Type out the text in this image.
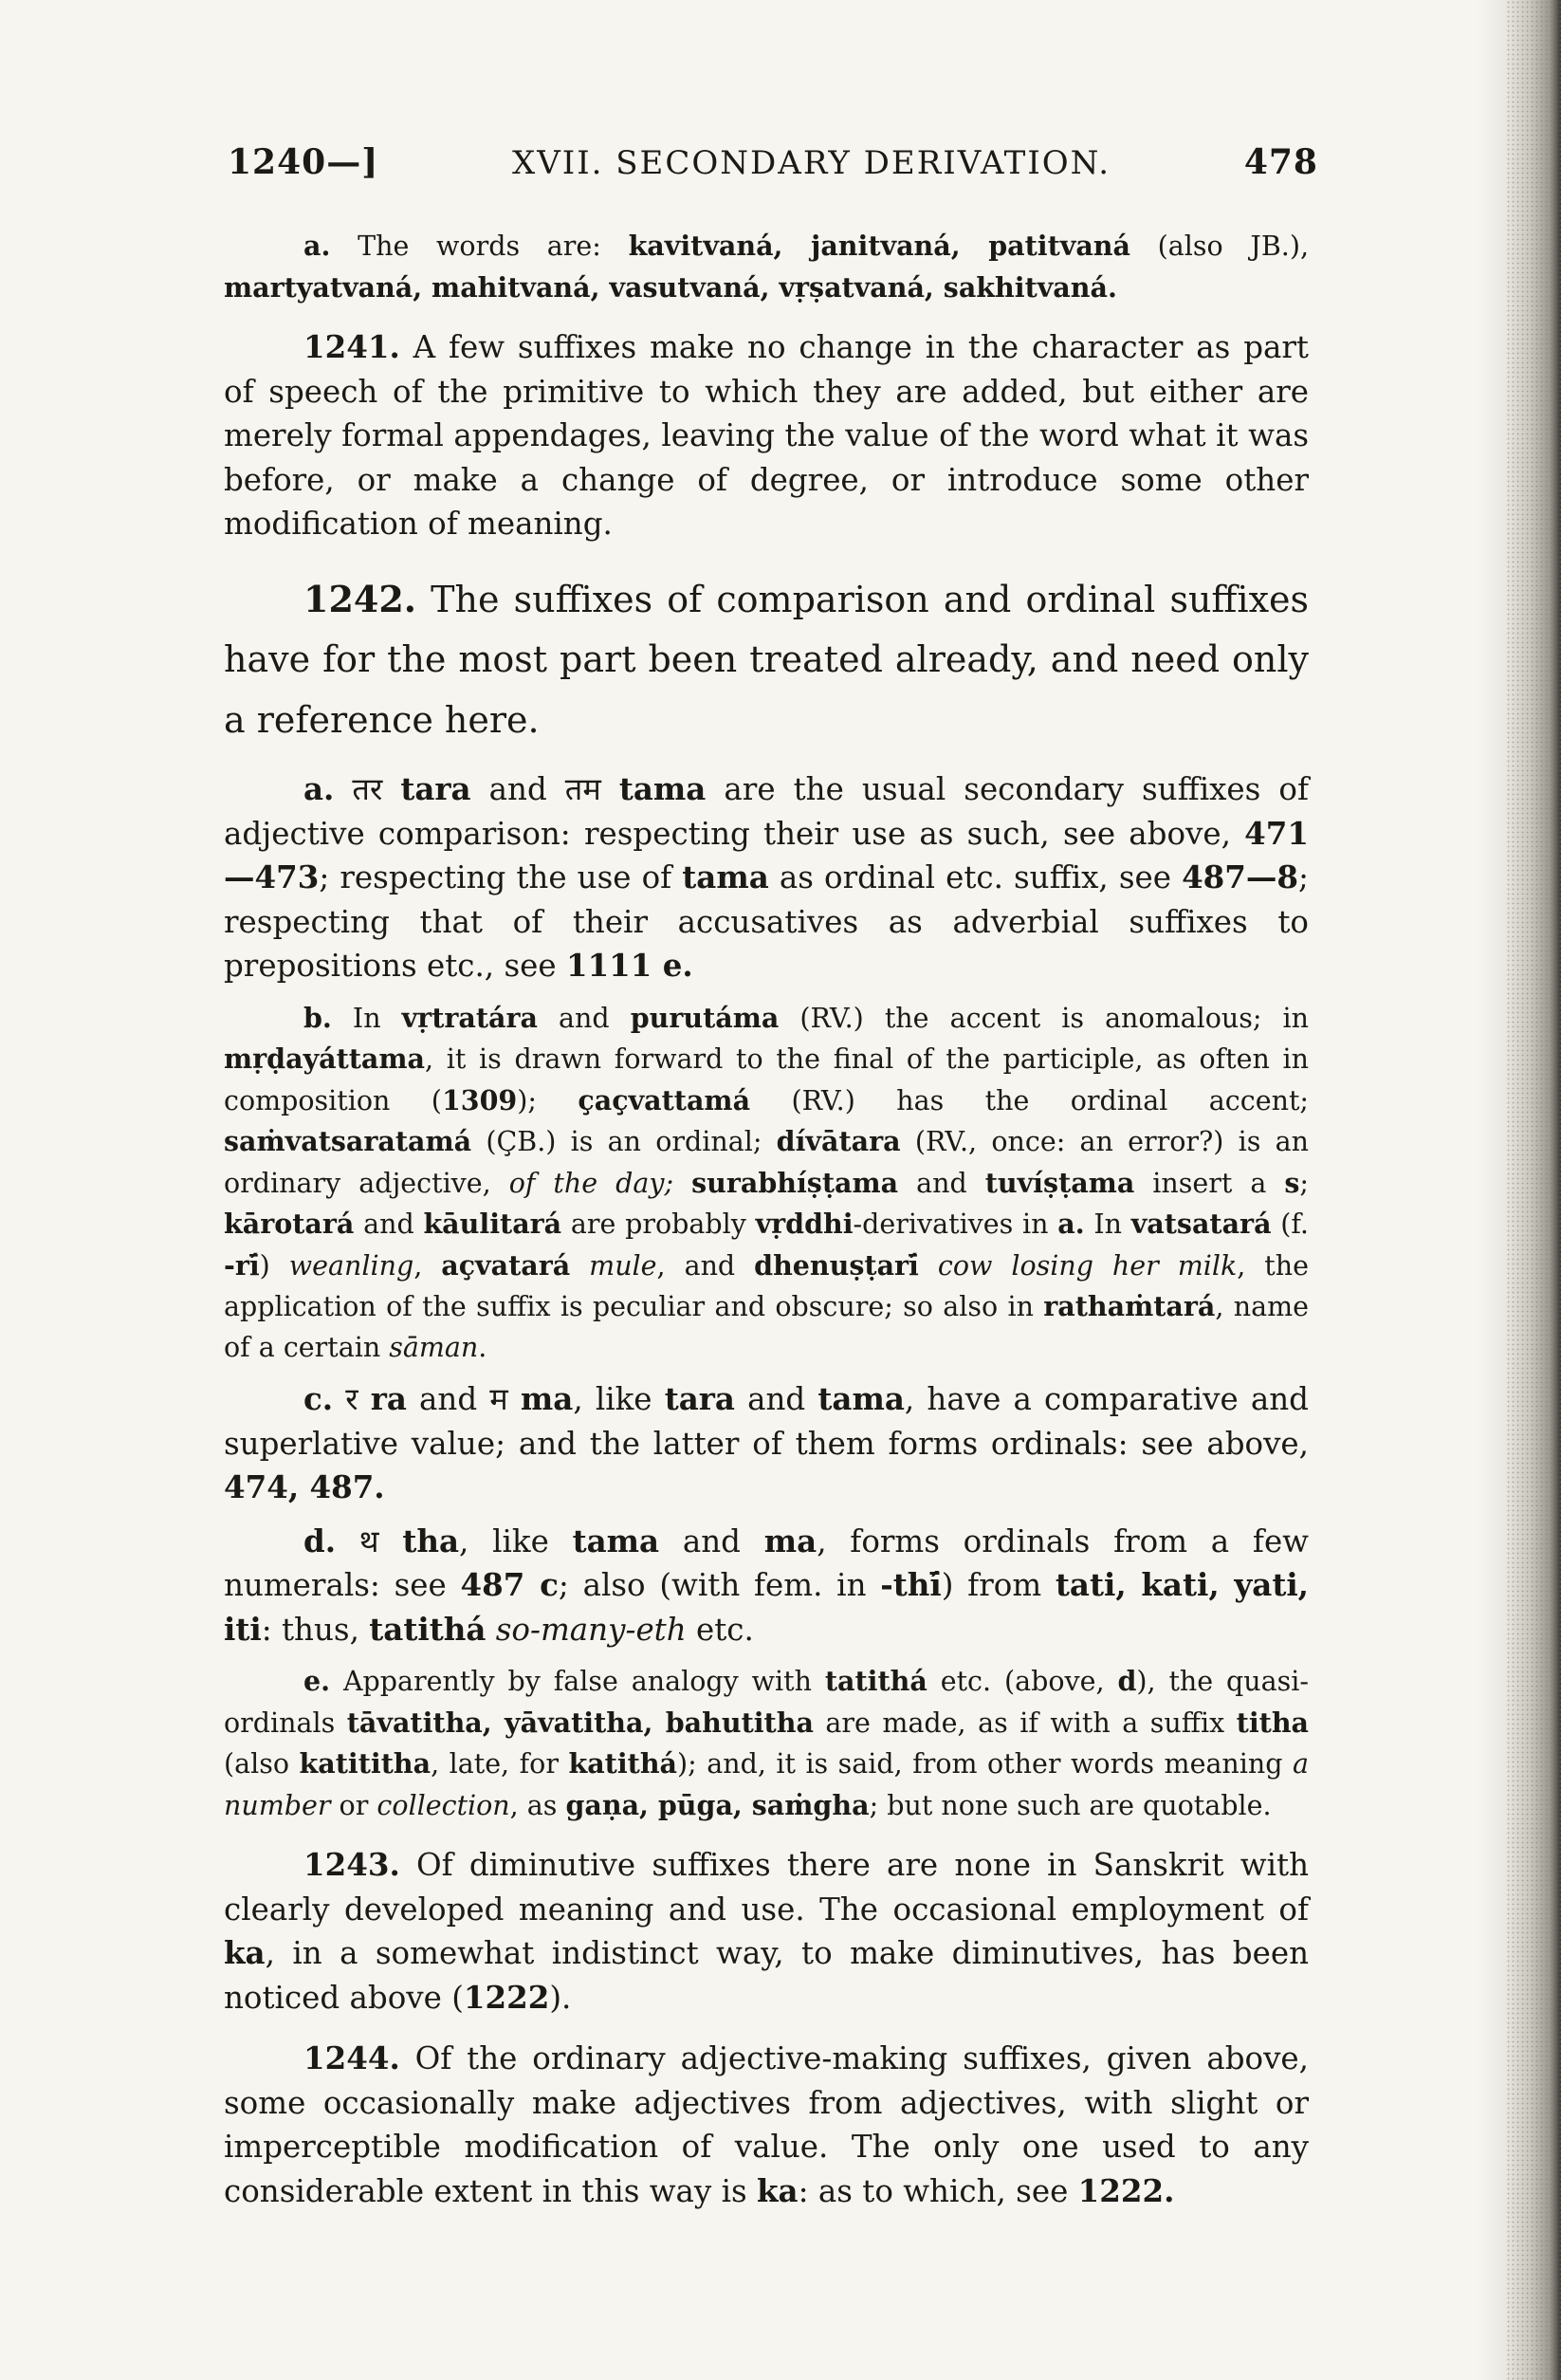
1240—]	XVII. SECONDARY DERIVATION.	478

a. The words are: kavitvaná, janitvaná, patitvaná (also JB.), martyatvaná, mahitvaná, vasutvaná, vṛṣatvaná, sakhitvaná.

1241. A few suffixes make no change in the character as part of speech of the primitive to which they are added, but either are merely formal appendages, leaving the value of the word what it was before, or make a change of degree, or introduce some other modification of meaning.

1242. The suffixes of comparison and ordinal suffixes have for the most part been treated already, and need only a reference here.

a. तर tara and तम tama are the usual secondary suffixes of adjective comparison: respecting their use as such, see above, 471 —473; respecting the use of tama as ordinal etc. suffix, see 487—8; respecting that of their accusatives as adverbial suffixes to prepositions etc., see 1111 e.

b. In vṛtratára and purutáma (RV.) the accent is anomalous; in mṛḍayáttama, it is drawn forward to the final of the participle, as often in composition (1309); çaçvattamá (RV.) has the ordinal accent; saṁvatsaratamá (ÇB.) is an ordinal; dívātara (RV., once: an error?) is an ordinary adjective, of the day; surabhíṣṭama and tuvíṣṭama insert a s; kārotará and kāulitará are probably vṛddhi-derivatives in a. In vatsatará (f. -rī́) weanling, açvatará mule, and dhenuṣṭarī́ cow losing her milk, the application of the suffix is peculiar and obscure; so also in rathaṁtará, name of a certain sāman.

c. र ra and म ma, like tara and tama, have a comparative and superlative value; and the latter of them forms ordinals: see above, 474, 487.

d. थ tha, like tama and ma, forms ordinals from a few numerals: see 487 c; also (with fem. in -thī́) from tati, kati, yati, iti: thus, tatithá so-many-eth etc.

e. Apparently by false analogy with tatithá etc. (above, d), the quasi-ordinals tāvatitha, yāvatitha, bahutitha are made, as if with a suffix titha (also katititha, late, for katithá); and, it is said, from other words meaning a number or collection, as gaṇa, pūga, saṁgha; but none such are quotable.

1243. Of diminutive suffixes there are none in Sanskrit with clearly developed meaning and use. The occasional employment of ka, in a somewhat indistinct way, to make diminutives, has been noticed above (1222).

1244. Of the ordinary adjective-making suffixes, given above, some occasionally make adjectives from adjectives, with slight or imperceptible modification of value. The only one used to any considerable extent in this way is ka: as to which, see 1222.
